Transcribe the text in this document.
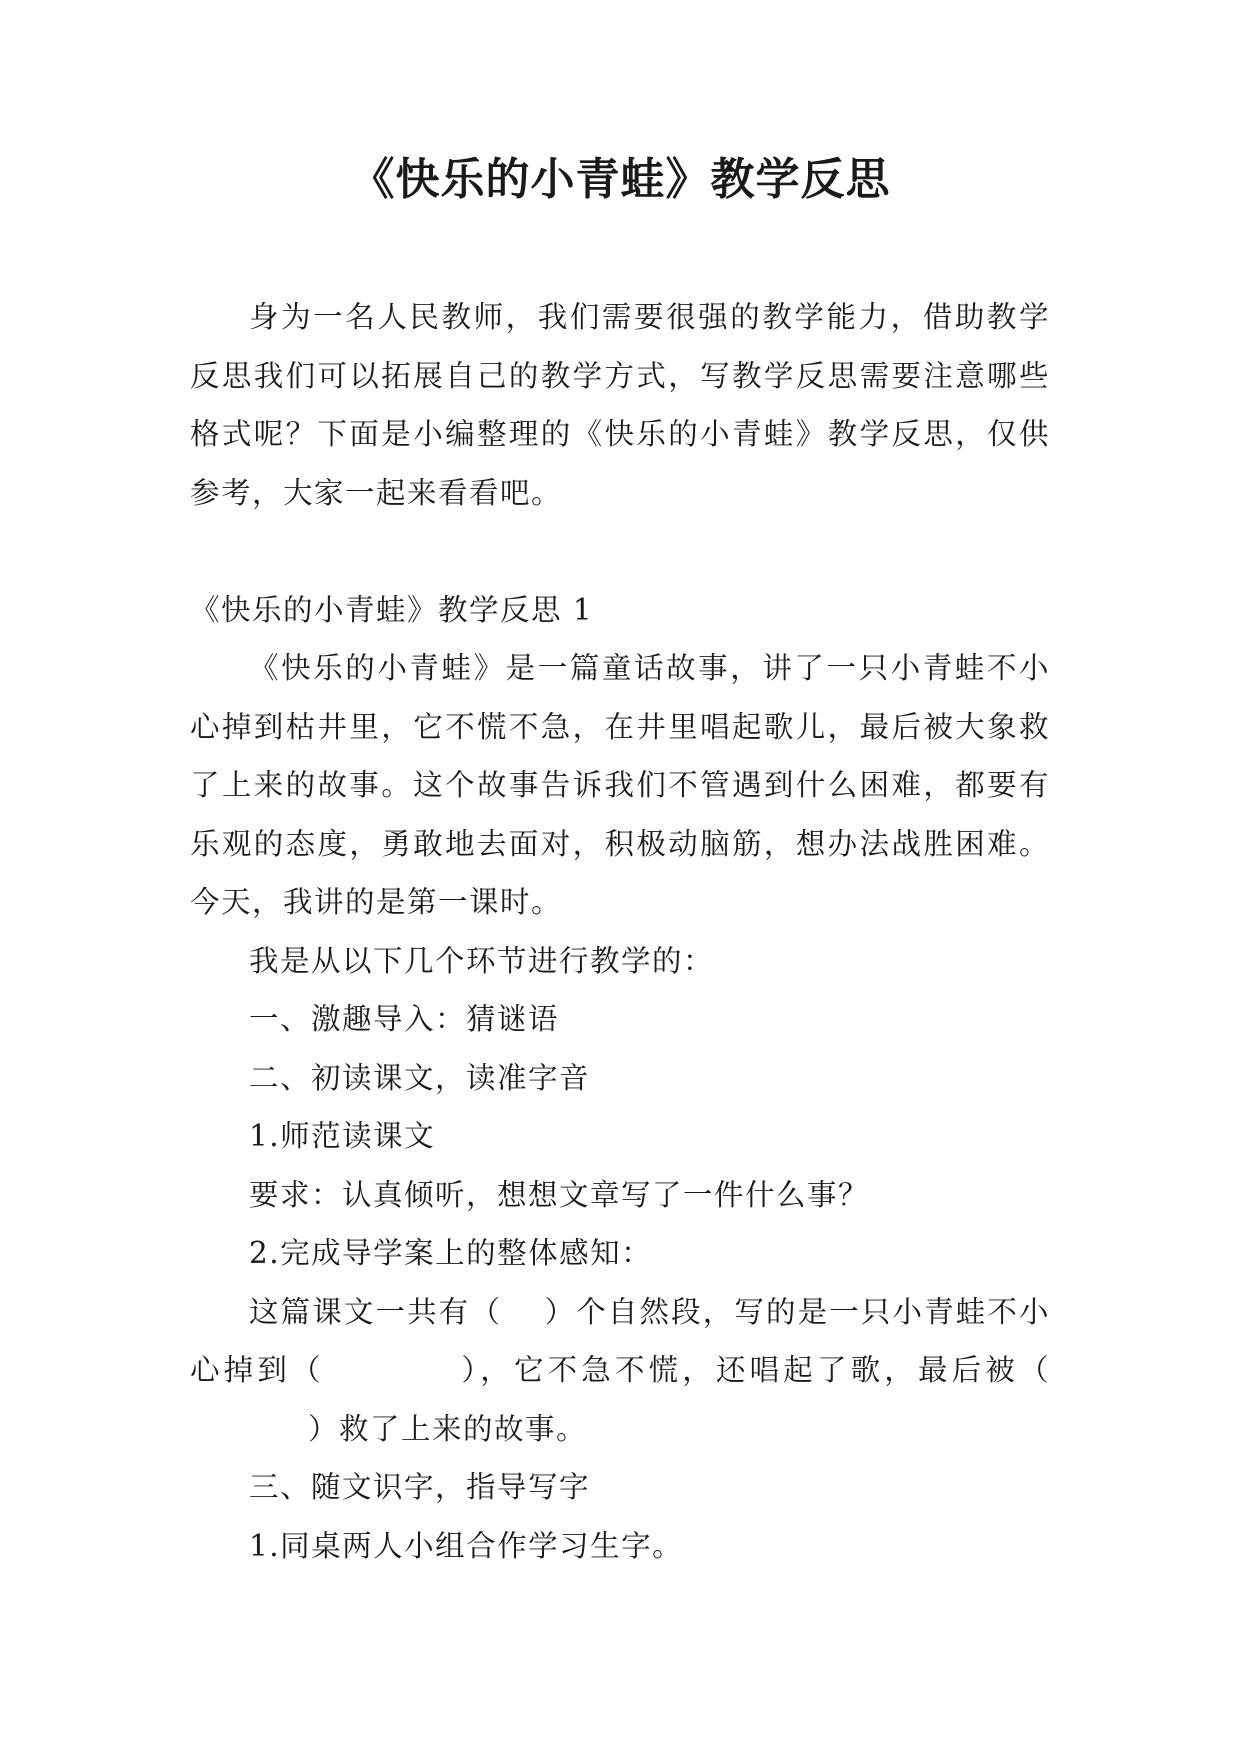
《快乐的小青蛙》教学反思

身为一名人民教师，我们需要很强的教学能力，借助教学反思我们可以拓展自己的教学方式，写教学反思需要注意哪些格式呢？下面是小编整理的《快乐的小青蛙》教学反思，仅供参考，大家一起来看看吧。

《快乐的小青蛙》教学反思 1

《快乐的小青蛙》是一篇童话故事，讲了一只小青蛙不小心掉到枯井里，它不慌不急，在井里唱起歌儿，最后被大象救了上来的故事。这个故事告诉我们不管遇到什么困难，都要有乐观的态度，勇敢地去面对，积极动脑筋，想办法战胜困难。今天，我讲的是第一课时。

我是从以下几个环节进行教学的：

一、激趣导入：猜谜语

二、初读课文，读准字音

1.师范读课文

要求：认真倾听，想想文章写了一件什么事？

2.完成导学案上的整体感知：

这篇课文一共有（ ）个自然段，写的是一只小青蛙不小心掉到（	），它不急不慌，还唱起了歌，最后被（）救了上来的故事。

三、随文识字，指导写字

1.同桌两人小组合作学习生字。
